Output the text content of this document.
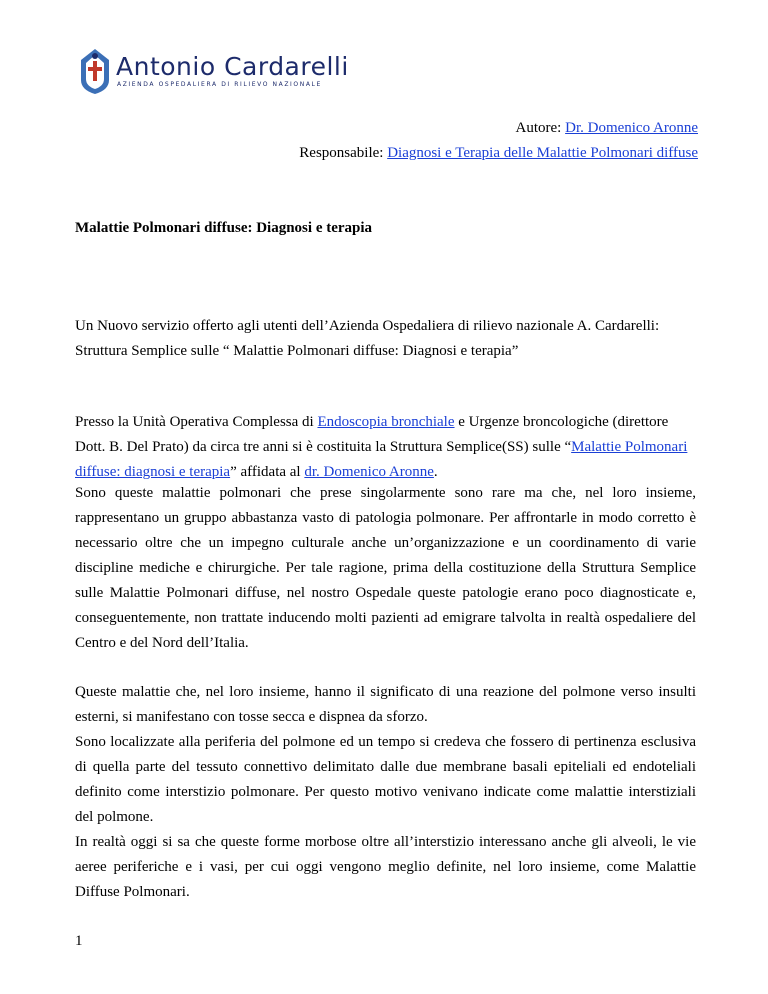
Antonio Cardarelli
AZIENDA OSPEDALIERA DI RILIEVO NAZIONALE
Autore: Dr. Domenico Aronne
Responsabile: Diagnosi e Terapia delle Malattie Polmonari diffuse
Malattie Polmonari diffuse: Diagnosi e terapia
Un Nuovo servizio offerto agli utenti dell’Azienda Ospedaliera di rilievo nazionale A. Cardarelli: Struttura Semplice sulle “ Malattie Polmonari diffuse: Diagnosi e terapia”
Presso la Unità Operativa Complessa di Endoscopia bronchiale e Urgenze broncologiche (direttore Dott. B. Del Prato) da circa tre anni si è costituita la Struttura Semplice(SS) sulle “Malattie Polmonari diffuse: diagnosi e terapia” affidata al dr. Domenico Aronne.
Sono queste malattie polmonari che prese singolarmente sono rare ma che, nel loro insieme, rappresentano un gruppo abbastanza vasto di patologia polmonare. Per affrontarle in modo corretto è necessario oltre che un impegno culturale anche un’organizzazione e un coordinamento di varie discipline mediche e chirurgiche. Per tale ragione, prima della costituzione della Struttura Semplice sulle Malattie Polmonari diffuse, nel nostro Ospedale queste patologie erano poco diagnosticate e, conseguentemente, non trattate inducendo molti pazienti ad emigrare talvolta in realtà ospedaliere del Centro e del Nord dell’Italia.
Queste malattie che, nel loro insieme, hanno il significato di una reazione del polmone verso insulti esterni, si manifestano con tosse secca e dispnea da sforzo.
Sono localizzate alla periferia del polmone ed un tempo si credeva che fossero di pertinenza esclusiva di quella parte del tessuto connettivo delimitato dalle due membrane basali epiteliali ed endoteliali definito come interstizio polmonare. Per questo motivo venivano indicate come malattie interstiziali del polmone.
In realtà oggi si sa che queste forme morbose oltre all’interstizio interessano anche gli alveoli, le vie aeree periferiche e i vasi, per cui oggi vengono meglio definite, nel loro insieme, come Malattie Diffuse Polmonari.
1
